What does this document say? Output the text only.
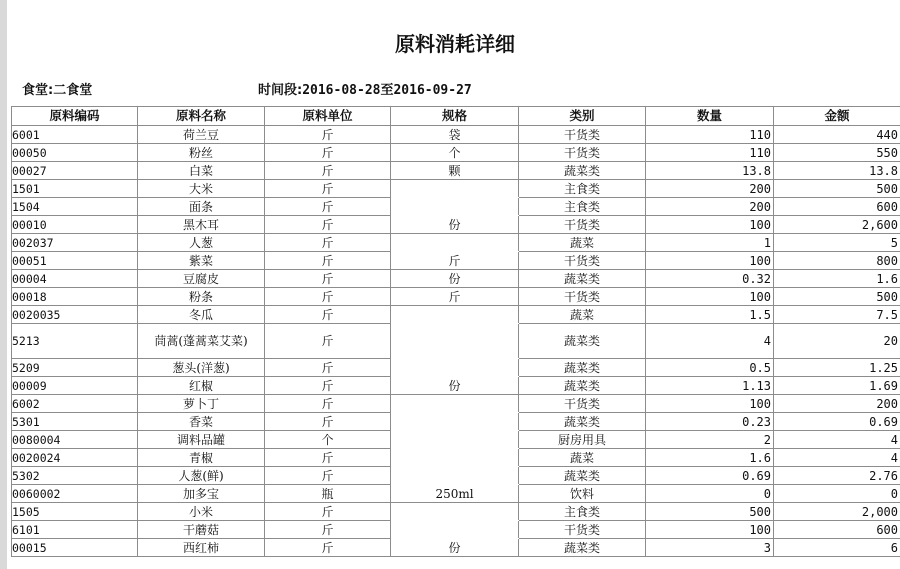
原料消耗详细
食堂:二食堂	时间段:2016-08-28至2016-09-27
原料编码	原料名称	原料单位	规格	类别	数量	金额
6001	荷兰豆	斤	袋	干货类	110	440
00050	粉丝	斤	个	干货类	110	550
00027	白菜	斤	颗	蔬菜类	13.8	13.8
1501	大米	斤		主食类	200	500
1504	面条	斤		主食类	200	600
00010	黑木耳	斤	份	干货类	100	2,600
002037	人葱	斤		蔬菜	1	5
00051	紫菜	斤	斤	干货类	100	800
00004	豆腐皮	斤	份	蔬菜类	0.32	1.6
00018	粉条	斤	斤	干货类	100	500
0020035	冬瓜	斤		蔬菜	1.5	7.5
5213	茼蒿(蓬蒿菜艾菜)	斤		蔬菜类	4	20
5209	葱头(洋葱)	斤		蔬菜类	0.5	1.25
00009	红椒	斤	份	蔬菜类	1.13	1.69
6002	萝卜丁	斤		干货类	100	200
5301	香菜	斤		蔬菜类	0.23	0.69
0080004	调料品罐	个		厨房用具	2	4
0020024	青椒	斤		蔬菜	1.6	4
5302	人葱(鲜)	斤		蔬菜类	0.69	2.76
0060002	加多宝	瓶	250ml	饮料	0	0
1505	小米	斤		主食类	500	2,000
6101	干蘑菇	斤		干货类	100	600
00015	西红柿	斤	份	蔬菜类	3	6
